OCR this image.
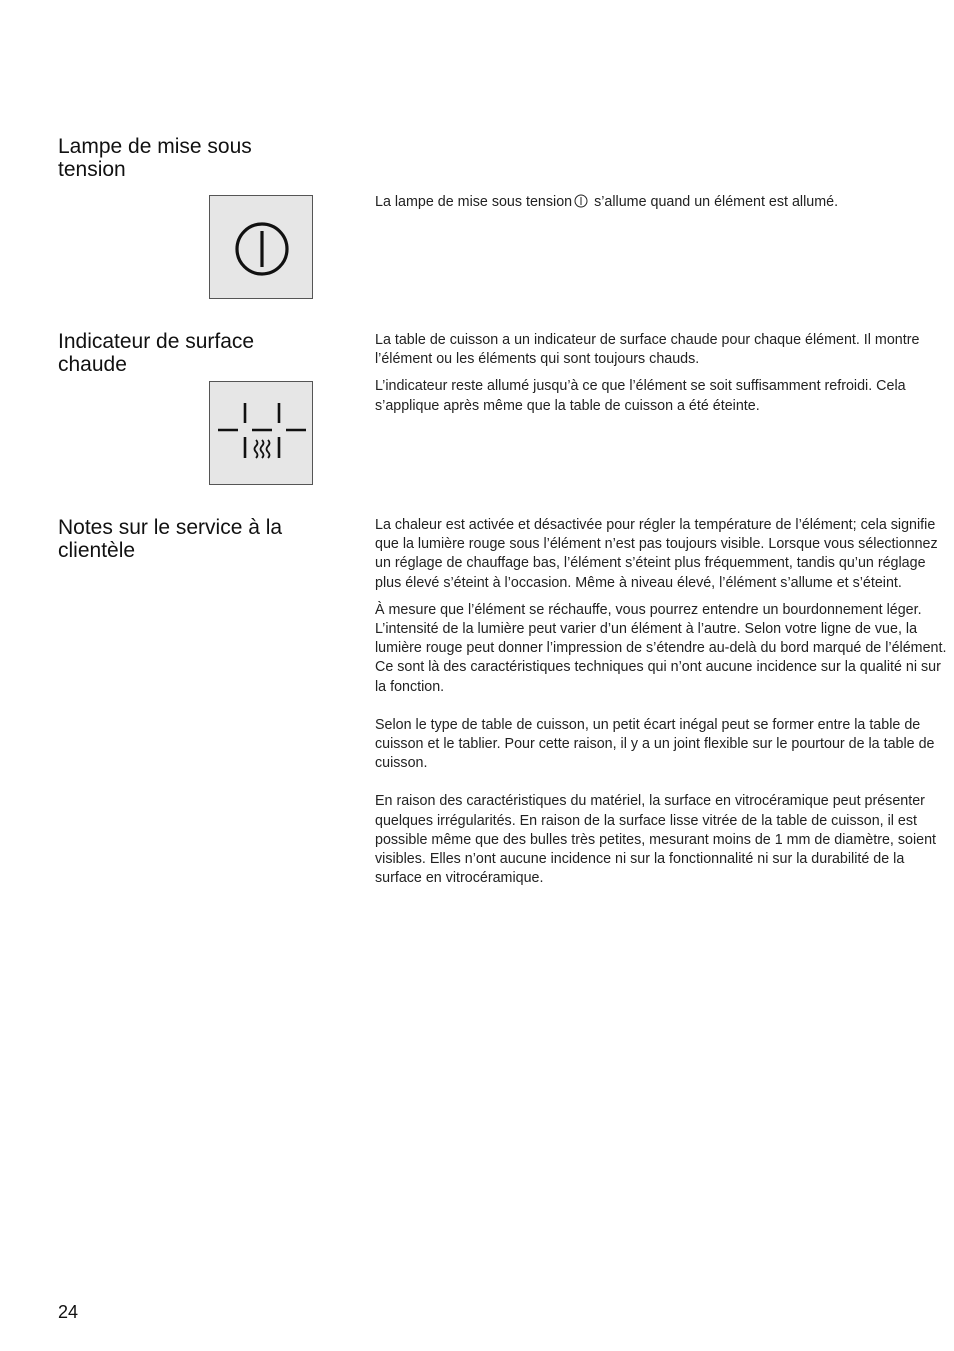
Lampe de mise sous tension

La lampe de mise sous tension s’allume quand un élément est allumé.

Indicateur de surface chaude

La table de cuisson a un indicateur de surface chaude pour chaque élément. Il montre l’élément ou les éléments qui sont toujours chauds.

L’indicateur reste allumé jusqu’à ce que l’élément se soit suffisamment refroidi. Cela s’applique après même que la table de cuisson a été éteinte.

Notes sur le service à la clientèle

La chaleur est activée et désactivée pour régler la température de l’élément; cela signifie que la lumière rouge sous l’élément n’est pas toujours visible. Lorsque vous sélectionnez un réglage de chauffage bas, l’élément s’éteint plus fréquemment, tandis qu’un réglage plus élevé s’éteint à l’occasion. Même à niveau élevé, l’élément s’allume et s’éteint.

À mesure que l’élément se réchauffe, vous pourrez entendre un bourdonnement léger.

L’intensité de la lumière peut varier d’un élément à l’autre. Selon votre ligne de vue, la lumière rouge peut donner l’impression de s’étendre au-delà du bord marqué de l’élément.

Ce sont là des caractéristiques techniques qui n’ont aucune incidence sur la qualité ni sur la fonction.

Selon le type de table de cuisson, un petit écart inégal peut se former entre la table de cuisson et le tablier. Pour cette raison, il y a un joint flexible sur le pourtour de la table de cuisson.

En raison des caractéristiques du matériel, la surface en vitrocéramique peut présenter quelques irrégularités. En raison de la surface lisse vitrée de la table de cuisson, il est possible même que des bulles très petites, mesurant moins de 1 mm de diamètre, soient visibles. Elles n’ont aucune incidence ni sur la fonctionnalité ni sur la durabilité de la surface en vitrocéramique.

24
